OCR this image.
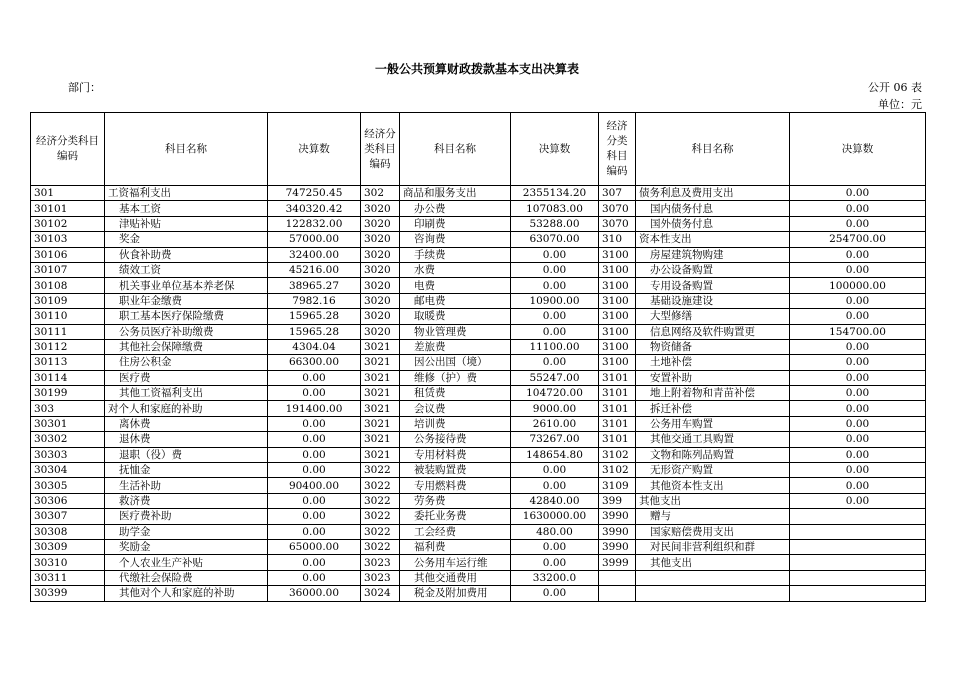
一般公共预算财政拨款基本支出决算表
部门：	公开 06 表
单位：元
经济分类科目编码	科目名称	决算数	经济分类科目编码	科目名称	决算数	经济分类科目编码	科目名称	决算数
301	工资福利支出	747250.45	302	商品和服务支出	2355134.20	307	债务利息及费用支出	0.00
30101	基本工资	340320.42	3020	办公费	107083.00	3070	国内债务付息	0.00
30102	津贴补贴	122832.00	3020	印刷费	53288.00	3070	国外债务付息	0.00
30103	奖金	57000.00	3020	咨询费	63070.00	310	资本性支出	254700.00
30106	伙食补助费	32400.00	3020	手续费	0.00	3100	房屋建筑物购建	0.00
30107	绩效工资	45216.00	3020	水费	0.00	3100	办公设备购置	0.00
30108	机关事业单位基本养老保	38965.27	3020	电费	0.00	3100	专用设备购置	100000.00
30109	职业年金缴费	7982.16	3020	邮电费	10900.00	3100	基础设施建设	0.00
30110	职工基本医疗保险缴费	15965.28	3020	取暖费	0.00	3100	大型修缮	0.00
30111	公务员医疗补助缴费	15965.28	3020	物业管理费	0.00	3100	信息网络及软件购置更	154700.00
30112	其他社会保障缴费	4304.04	3021	差旅费	11100.00	3100	物资储备	0.00
30113	住房公积金	66300.00	3021	因公出国（境）	0.00	3100	土地补偿	0.00
30114	医疗费	0.00	3021	维修（护）费	55247.00	3101	安置补助	0.00
30199	其他工资福利支出	0.00	3021	租赁费	104720.00	3101	地上附着物和青苗补偿	0.00
303	对个人和家庭的补助	191400.00	3021	会议费	9000.00	3101	拆迁补偿	0.00
30301	离休费	0.00	3021	培训费	2610.00	3101	公务用车购置	0.00
30302	退休费	0.00	3021	公务接待费	73267.00	3101	其他交通工具购置	0.00
30303	退职（役）费	0.00	3021	专用材料费	148654.80	3102	文物和陈列品购置	0.00
30304	抚恤金	0.00	3022	被装购置费	0.00	3102	无形资产购置	0.00
30305	生活补助	90400.00	3022	专用燃料费	0.00	3109	其他资本性支出	0.00
30306	救济费	0.00	3022	劳务费	42840.00	399	其他支出	0.00
30307	医疗费补助	0.00	3022	委托业务费	1630000.00	3990	赠与	
30308	助学金	0.00	3022	工会经费	480.00	3990	国家赔偿费用支出	
30309	奖励金	65000.00	3022	福利费	0.00	3990	对民间非营利组织和群	
30310	个人农业生产补贴	0.00	3023	公务用车运行维	0.00	3999	其他支出	
30311	代缴社会保险费	0.00	3023	其他交通费用	33200.0			
30399	其他对个人和家庭的补助	36000.00	3024	税金及附加费用	0.00			
